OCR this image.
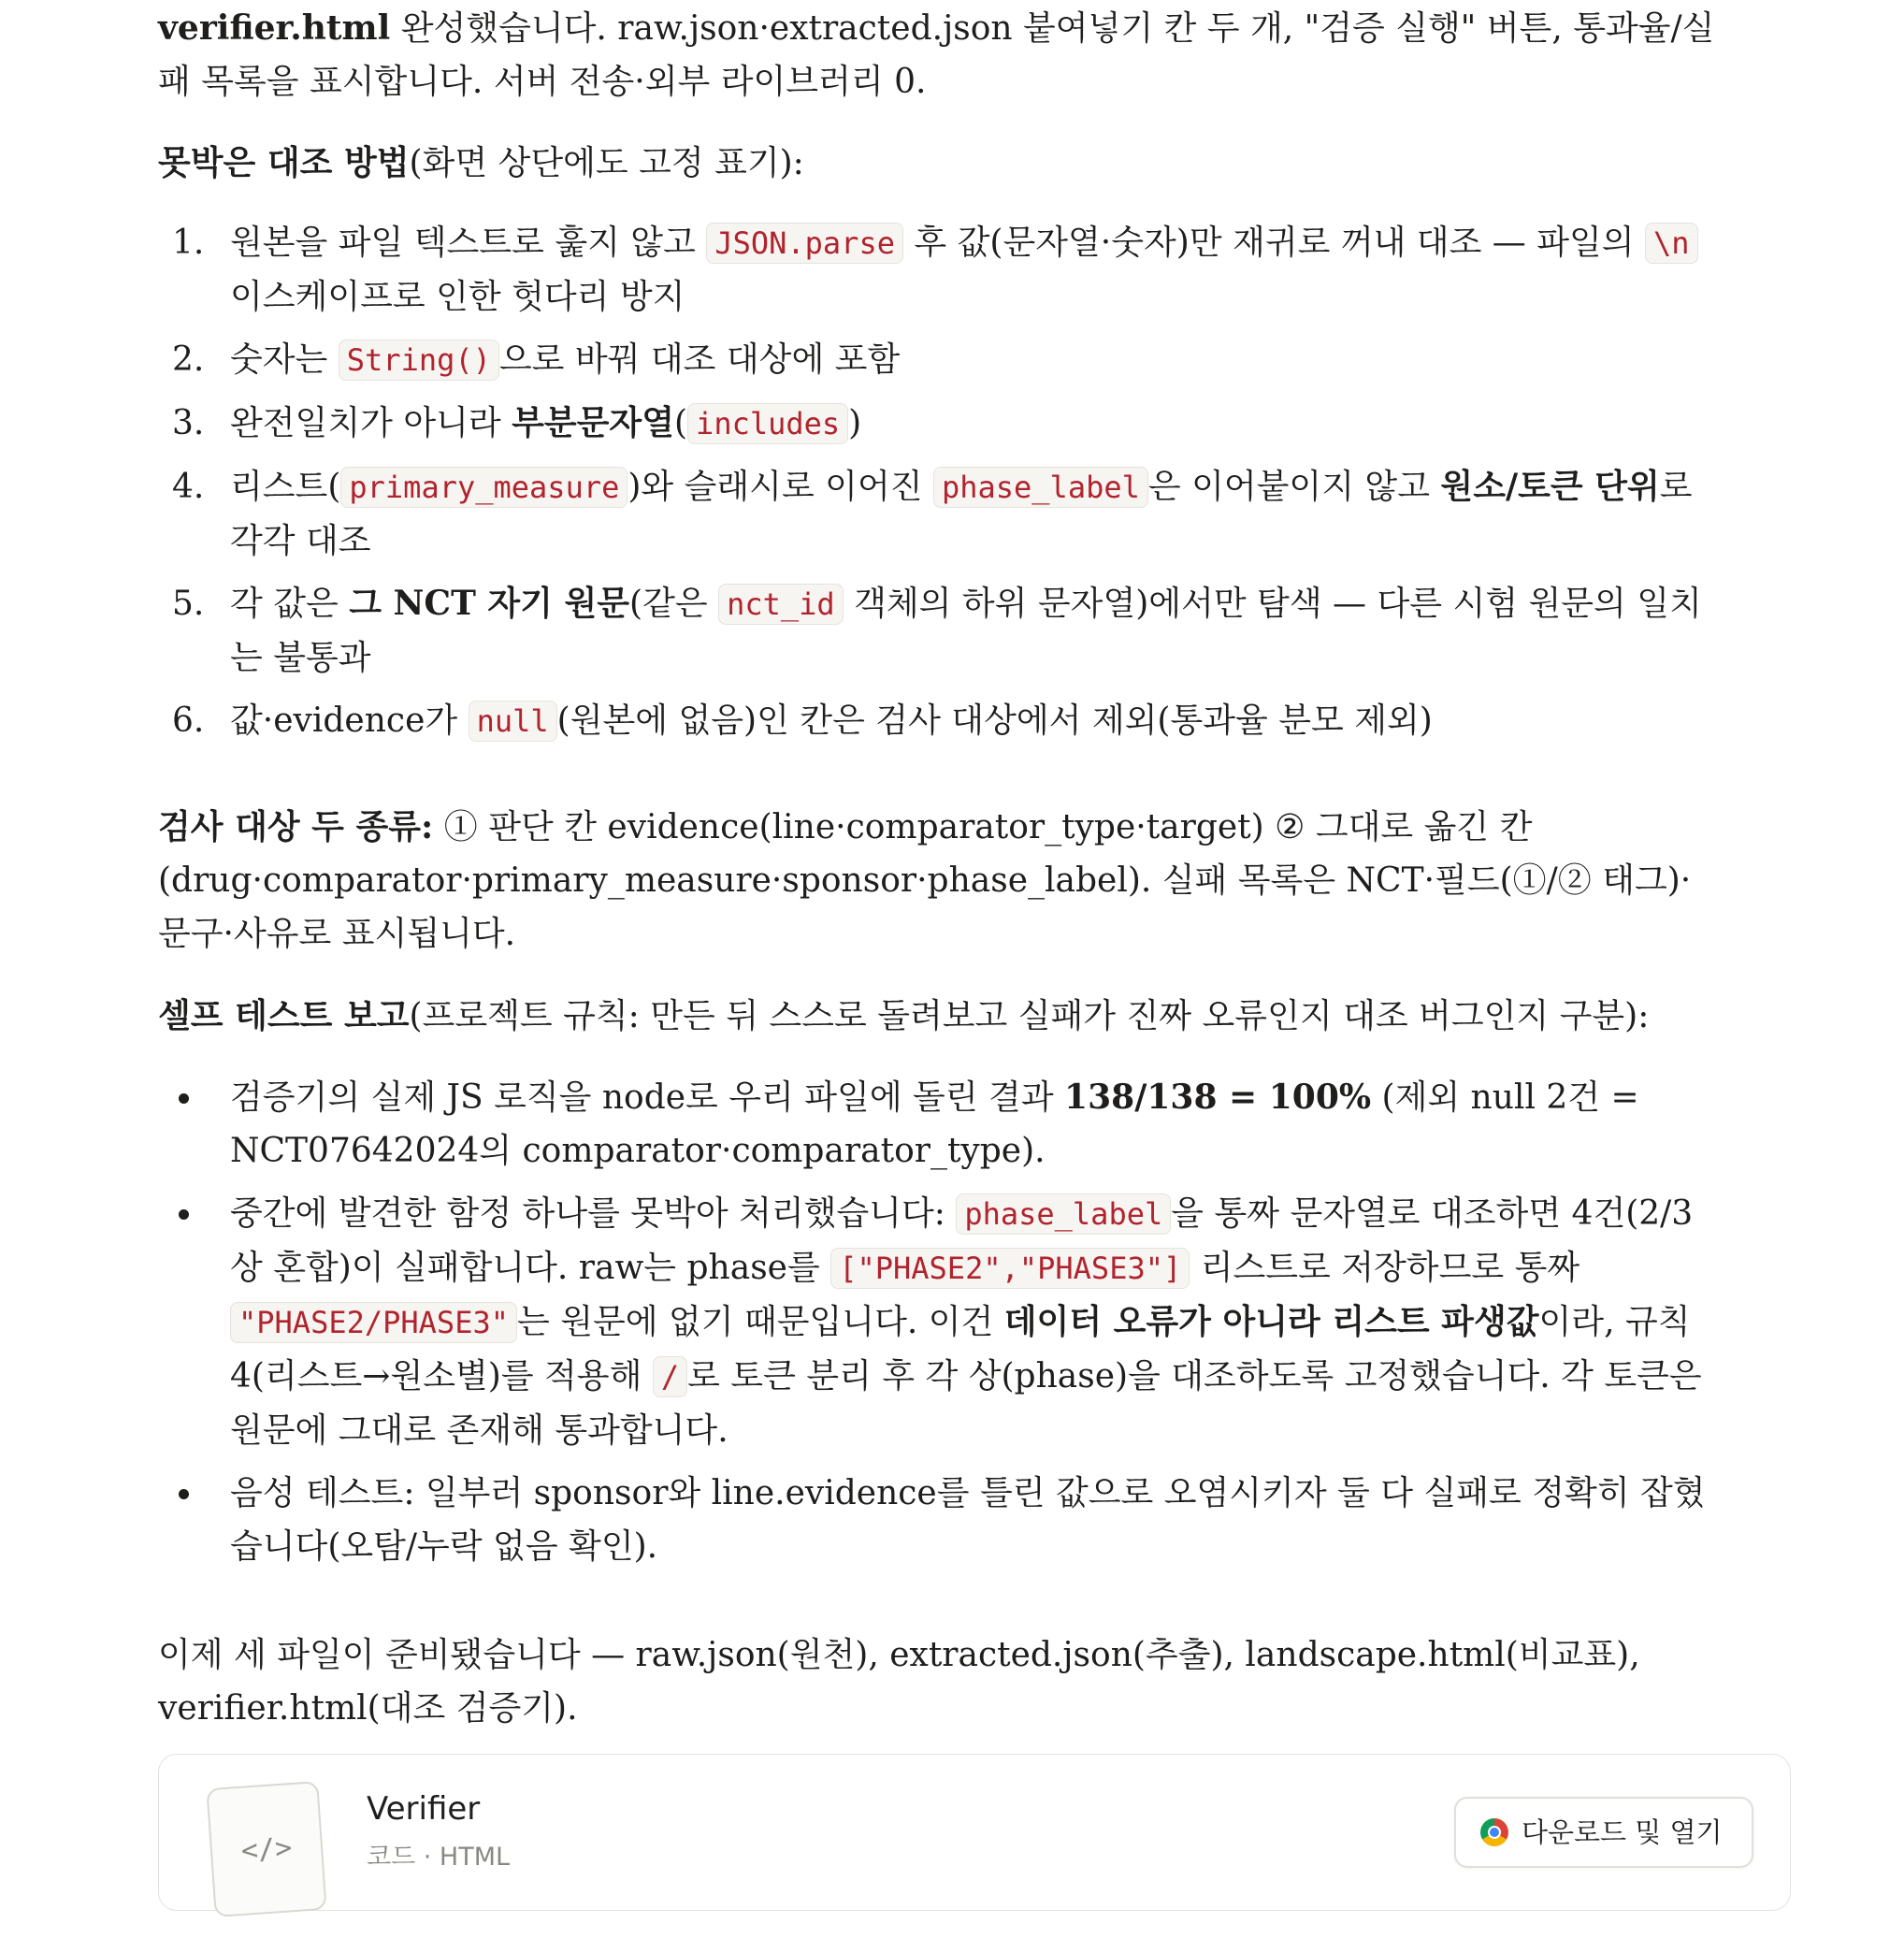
verifier.html 완성했습니다. raw.json·extracted.json 붙여넣기 칸 두 개, "검증 실행" 버튼, 통과율/실패 목록을 표시합니다. 서버 전송·외부 라이브러리 0.

못박은 대조 방법(화면 상단에도 고정 표기):

1. 원본을 파일 텍스트로 훑지 않고 JSON.parse 후 값(문자열·숫자)만 재귀로 꺼내 대조 — 파일의 \n 이스케이프로 인한 헛다리 방지
2. 숫자는 String() 으로 바꿔 대조 대상에 포함
3. 완전일치가 아니라 부분문자열( includes )
4. 리스트( primary_measure )와 슬래시로 이어진 phase_label 은 이어붙이지 않고 원소/토큰 단위로 각각 대조
5. 각 값은 그 NCT 자기 원문(같은 nct_id 객체의 하위 문자열)에서만 탐색 — 다른 시험 원문의 일치는 불통과
6. 값·evidence가 null (원본에 없음)인 칸은 검사 대상에서 제외(통과율 분모 제외)

검사 대상 두 종류: ① 판단 칸 evidence(line·comparator_type·target) ② 그대로 옮긴 칸(drug·comparator·primary_measure·sponsor·phase_label). 실패 목록은 NCT·필드(①/② 태그)·문구·사유로 표시됩니다.

셀프 테스트 보고(프로젝트 규칙: 만든 뒤 스스로 돌려보고 실패가 진짜 오류인지 대조 버그인지 구분):

검증기의 실제 JS 로직을 node로 우리 파일에 돌린 결과 138/138 = 100% (제외 null 2건 = NCT07642024의 comparator·comparator_type).
중간에 발견한 함정 하나를 못박아 처리했습니다: phase_label 을 통짜 문자열로 대조하면 4건(2/3상 혼합)이 실패합니다. raw는 phase를 ["PHASE2","PHASE3"] 리스트로 저장하므로 통짜 "PHASE2/PHASE3" 는 원문에 없기 때문입니다. 이건 데이터 오류가 아니라 리스트 파생값이라, 규칙 4(리스트→원소별)를 적용해 / 로 토큰 분리 후 각 상(phase)을 대조하도록 고정했습니다. 각 토큰은 원문에 그대로 존재해 통과합니다.
음성 테스트: 일부러 sponsor와 line.evidence를 틀린 값으로 오염시키자 둘 다 실패로 정확히 잡혔습니다(오탐/누락 없음 확인).

이제 세 파일이 준비됐습니다 — raw.json(원천), extracted.json(추출), landscape.html(비교표), verifier.html(대조 검증기).

</>
Verifier
코드 · HTML
다운로드 및 열기
